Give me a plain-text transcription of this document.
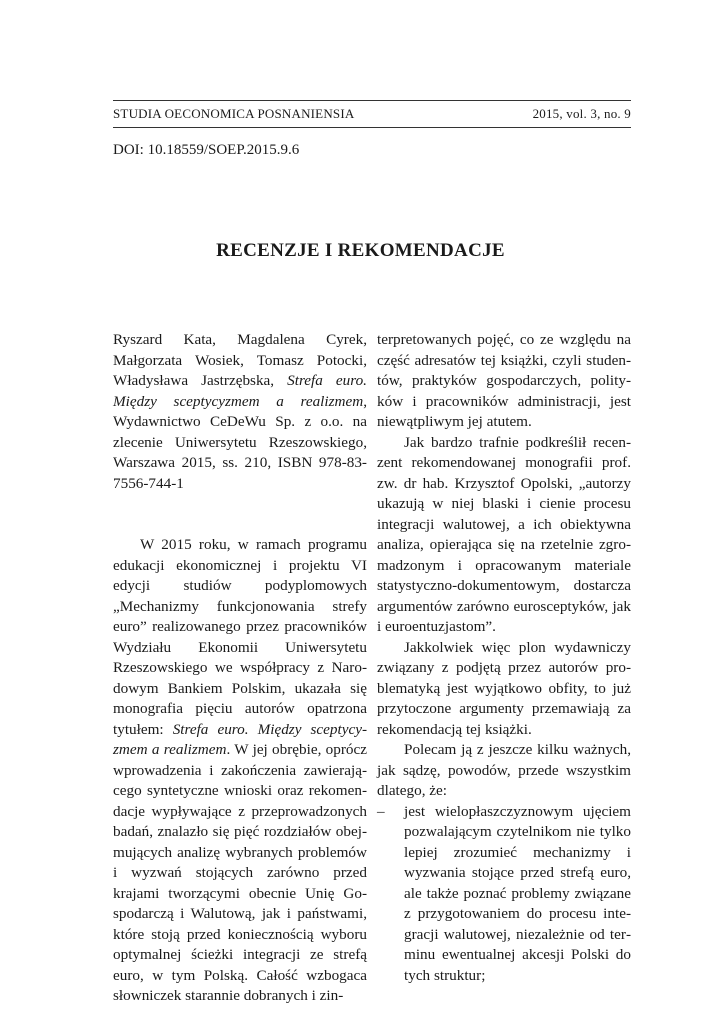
STUDIA OECONOMICA POSNANIENSIA	2015, vol. 3, no. 9
DOI: 10.18559/SOEP.2015.9.6
RECENZJE I REKOMENDACJE

Ryszard Kata, Magdalena Cyrek, Małgorzata Wosiek, Tomasz Potocki, Władysława Jastrzębska, Strefa euro. Między sceptycyzmem a realizmem, Wydawnictwo CeDeWu Sp. z o.o. na zlecenie Uniwersytetu Rzeszowskiego, Warszawa 2015, ss. 210, ISBN 978-83-7556-744-1

W 2015 roku, w ramach programu edukacji ekonomicznej i projektu VI edycji studiów podyplomowych „Mechanizmy funkcjonowania strefy euro” realizowanego przez pracowników Wydziału Ekonomii Uniwersytetu Rzeszowskiego we współpracy z Narodowym Bankiem Polskim, ukazała się monografia pięciu autorów opatrzona tytułem: Strefa euro. Między sceptycyzmem a realizmem. W jej obrębie, oprócz wprowadzenia i zakończenia zawierającego syntetyczne wnioski oraz rekomendacje wypływające z przeprowadzonych badań, znalazło się pięć rozdziałów obejmujących analizę wybranych problemów i wyzwań stojących zarówno przed krajami tworzącymi obecnie Unię Gospodarczą i Walutową, jak i państwami, które stoją przed koniecznością wyboru optymalnej ścieżki integracji ze strefą euro, w tym Polską. Całość wzbogaca słowniczek starannie dobranych i zin-

terpretowanych pojęć, co ze względu na część adresatów tej książki, czyli studentów, praktyków gospodarczych, polityków i pracowników administracji, jest niewątpliwym jej atutem.

Jak bardzo trafnie podkreślił recenzent rekomendowanej monografii prof. zw. dr hab. Krzysztof Opolski, „autorzy ukazują w niej blaski i cienie procesu integracji walutowej, a ich obiektywna analiza, opierająca się na rzetelnie zgromadzonym i opracowanym materiale statystyczno-dokumentowym, dostarcza argumentów zarówno eurosceptyków, jak i euroentuzjastom”.

Jakkolwiek więc plon wydawniczy związany z podjętą przez autorów problematyką jest wyjątkowo obfity, to już przytoczone argumenty przemawiają za rekomendacją tej książki.

Polecam ją z jeszcze kilku ważnych, jak sądzę, powodów, przede wszystkim dlatego, że:

– jest wielopłaszczyznowym ujęciem pozwalającym czytelnikom nie tylko lepiej zrozumieć mechanizmy i wyzwania stojące przed strefą euro, ale także poznać problemy związane z przygotowaniem do procesu integracji walutowej, niezależnie od terminu ewentualnej akcesji Polski do tych struktur;
